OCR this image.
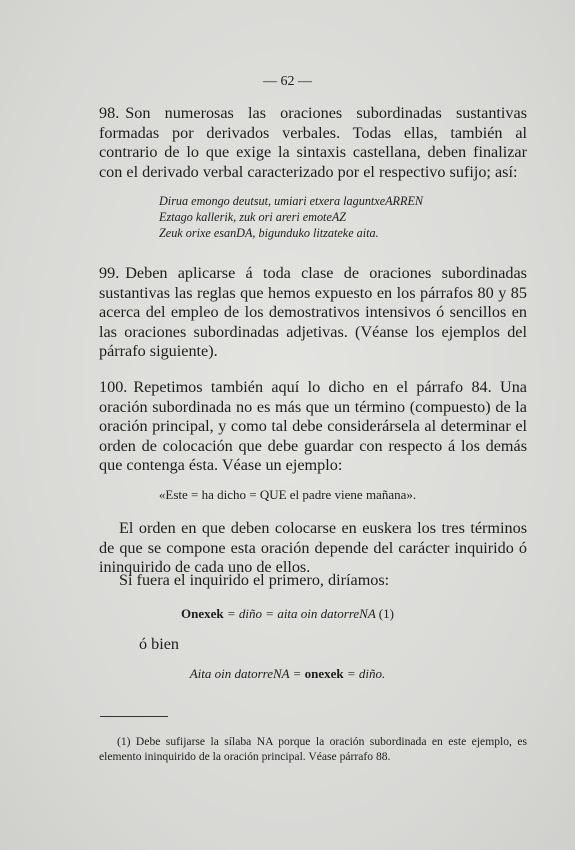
— 62 —

98. Son numerosas las oraciones subordinadas sustantivas formadas por derivados verbales. Todas ellas, también al contrario de lo que exige la sintaxis castellana, deben finalizar con el derivado verbal caracterizado por el respectivo sufijo; así:

Dirua emongo deutsut, umiari etxera laguntxeARREN

Eztago kallerik, zuk ori areri emoteAZ

Zeuk orixe esanDA, bigunduko litzateke aita.

99. Deben aplicarse á toda clase de oraciones subordinadas sustantivas las reglas que hemos expuesto en los párrafos 80 y 85 acerca del empleo de los demostrativos intensivos ó sencillos en las oraciones subordinadas adjetivas. (Véanse los ejemplos del párrafo siguiente).

100. Repetimos también aquí lo dicho en el párrafo 84. Una oración subordinada no es más que un término (compuesto) de la oración principal, y como tal debe considerársela al determinar el orden de colocación que debe guardar con respecto á los demás que contenga ésta. Véase un ejemplo:

«Este = ha dicho = QUE el padre viene mañana».

El orden en que deben colocarse en euskera los tres términos de que se compone esta oración depende del carácter inquirido ó ininquirido de cada uno de ellos.

Si fuera el inquirido el primero, diríamos:

Onexek = diño = aita oin datorreNA (1)

ó bien

Aita oin datorreNA = onexek = diño.

(1) Debe sufijarse la sílaba NA porque la oración subordinada en este ejemplo, es elemento ininquirido de la oración principal. Véase párrafo 88.
